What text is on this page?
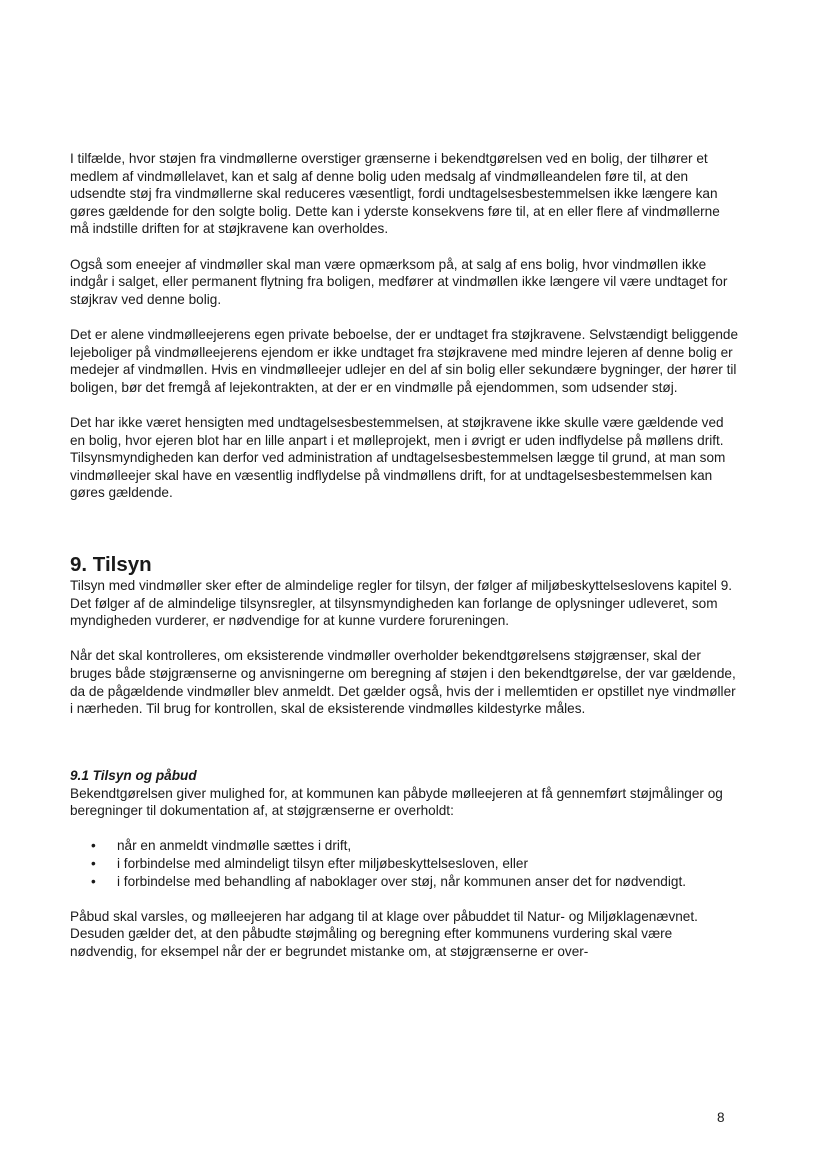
I tilfælde, hvor støjen fra vindmøllerne overstiger grænserne i bekendtgørelsen ved en bolig, der tilhører et medlem af vindmøllelavet, kan et salg af denne bolig uden medsalg af vindmølleandelen føre til, at den udsendte støj fra vindmøllerne skal reduceres væsentligt, fordi undtagelsesbestemmelsen ikke længere kan gøres gældende for den solgte bolig. Dette kan i yderste konsekvens føre til, at en eller flere af vindmøllerne må indstille driften for at støjkravene kan overholdes.

Også som eneejer af vindmøller skal man være opmærksom på, at salg af ens bolig, hvor vindmøllen ikke indgår i salget, eller permanent flytning fra boligen, medfører at vindmøllen ikke længere vil være undtaget for støjkrav ved denne bolig.

Det er alene vindmølleejerens egen private beboelse, der er undtaget fra støjkravene. Selvstændigt beliggende lejeboliger på vindmølleejerens ejendom er ikke undtaget fra støjkravene med mindre lejeren af denne bolig er medejer af vindmøllen. Hvis en vindmølleejer udlejer en del af sin bolig eller sekundære bygninger, der hører til boligen, bør det fremgå af lejekontrakten, at der er en vindmølle på ejendommen, som udsender støj.

Det har ikke været hensigten med undtagelsesbestemmelsen, at støjkravene ikke skulle være gældende ved en bolig, hvor ejeren blot har en lille anpart i et mølleprojekt, men i øvrigt er uden indflydelse på møllens drift. Tilsynsmyndigheden kan derfor ved administration af undtagelsesbestemmelsen lægge til grund, at man som vindmølleejer skal have en væsentlig indflydelse på vindmøllens drift, for at undtagelsesbestemmelsen kan gøres gældende.

9. Tilsyn

Tilsyn med vindmøller sker efter de almindelige regler for tilsyn, der følger af miljøbeskyttelseslovens kapitel 9. Det følger af de almindelige tilsynsregler, at tilsynsmyndigheden kan forlange de oplysninger udleveret, som myndigheden vurderer, er nødvendige for at kunne vurdere forureningen.

Når det skal kontrolleres, om eksisterende vindmøller overholder bekendtgørelsens støjgrænser, skal der bruges både støjgrænserne og anvisningerne om beregning af støjen i den bekendtgørelse, der var gældende, da de pågældende vindmøller blev anmeldt. Det gælder også, hvis der i mellemtiden er opstillet nye vindmøller i nærheden. Til brug for kontrollen, skal de eksisterende vindmølles kildestyrke måles.

9.1 Tilsyn og påbud

Bekendtgørelsen giver mulighed for, at kommunen kan påbyde mølleejeren at få gennemført støjmålinger og beregninger til dokumentation af, at støjgrænserne er overholdt:

• når en anmeldt vindmølle sættes i drift,
• i forbindelse med almindeligt tilsyn efter miljøbeskyttelsesloven, eller
• i forbindelse med behandling af naboklager over støj, når kommunen anser det for nødvendigt.

Påbud skal varsles, og mølleejeren har adgang til at klage over påbuddet til Natur- og Miljøklagenævnet. Desuden gælder det, at den påbudte støjmåling og beregning efter kommunens vurdering skal være nødvendig, for eksempel når der er begrundet mistanke om, at støjgrænserne er over-

8
